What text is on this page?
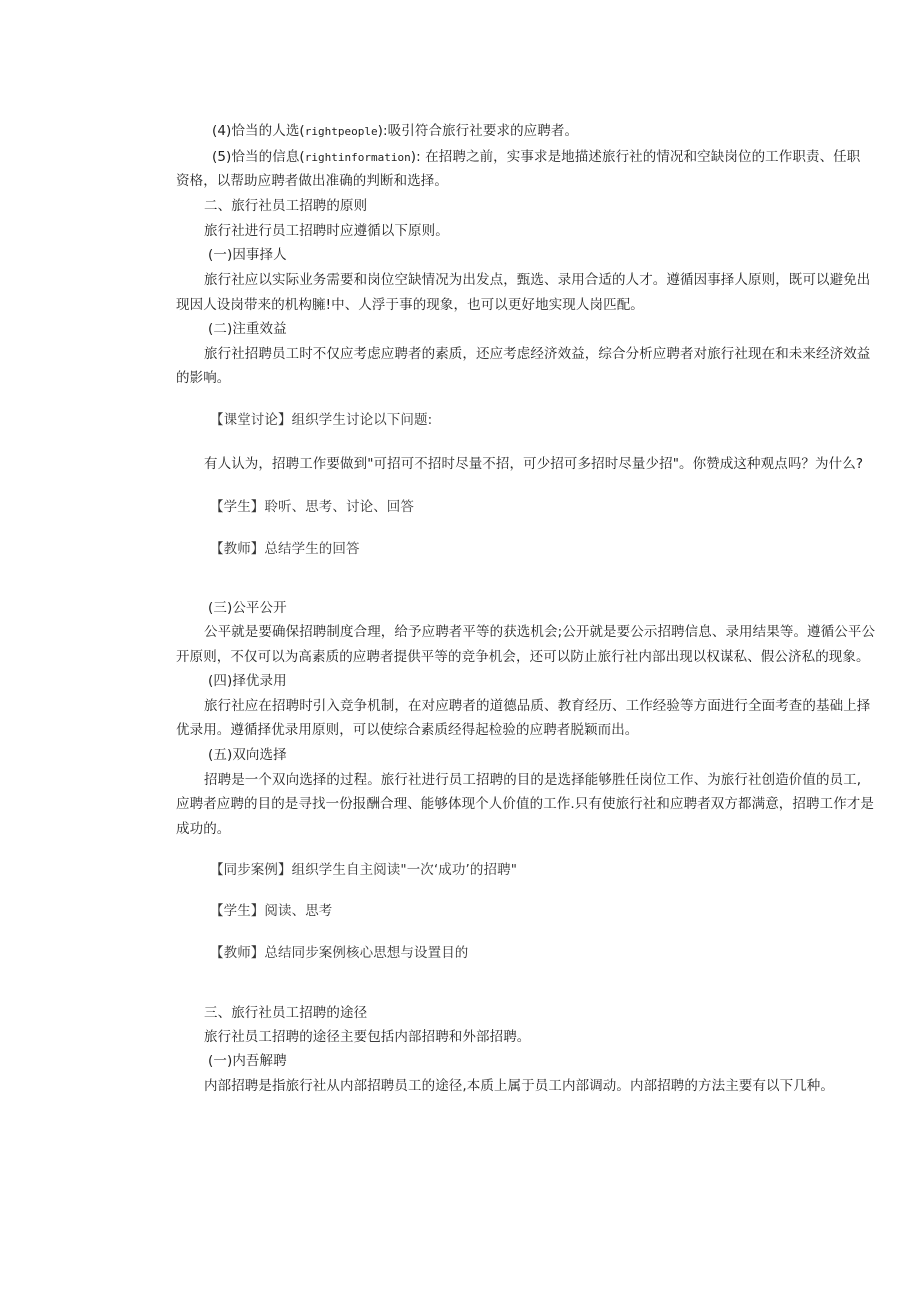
(4)恰当的人选(rightpeople):吸引符合旅行社要求的应聘者。
(5)恰当的信息(rightinformation): 在招聘之前，实事求是地描述旅行社的情况和空缺岗位的工作职责、任职
资格，以帮助应聘者做出准确的判断和选择。
二、旅行社员工招聘的原则
旅行社进行员工招聘时应遵循以下原则。
(一)因事择人
旅行社应以实际业务需要和岗位空缺情况为出发点，甄选、录用合适的人才。遵循因事择人原则，既可以避免出
现因人设岗带来的机构臃!中、人浮于事的现象，也可以更好地实现人岗匹配。
(二)注重效益
旅行社招聘员工时不仅应考虑应聘者的素质，还应考虑经济效益，综合分析应聘者对旅行社现在和未来经济效益
的影响。
【课堂讨论】组织学生讨论以下问题:
有人认为，招聘工作要做到"可招可不招时尽量不招，可少招可多招时尽量少招"。你赞成这种观点吗？为什么?
【学生】聆听、思考、讨论、回答
【教师】总结学生的回答
(三)公平公开
公平就是要确保招聘制度合理，给予应聘者平等的获选机会;公开就是要公示招聘信息、录用结果等。遵循公平公
开原则，不仅可以为高素质的应聘者提供平等的竞争机会，还可以防止旅行社内部出现以权谋私、假公济私的现象。
(四)择优录用
旅行社应在招聘时引入竞争机制，在对应聘者的道德品质、教育经历、工作经验等方面进行全面考查的基础上择
优录用。遵循择优录用原则，可以使综合素质经得起检验的应聘者脱颖而出。
(五)双向选择
招聘是一个双向选择的过程。旅行社进行员工招聘的目的是选择能够胜任岗位工作、为旅行社创造价值的员工,
应聘者应聘的目的是寻找一份报酬合理、能够体现个人价值的工作.只有使旅行社和应聘者双方都满意，招聘工作才是
成功的。
【同步案例】组织学生自主阅读"一次‘成功’的招聘"
【学生】阅读、思考
【教师】总结同步案例核心思想与设置目的
三、旅行社员工招聘的途径
旅行社员工招聘的途径主要包括内部招聘和外部招聘。
(一)内吾解聘
内部招聘是指旅行社从内部招聘员工的途径,本质上属于员工内部调动。内部招聘的方法主要有以下几种。
